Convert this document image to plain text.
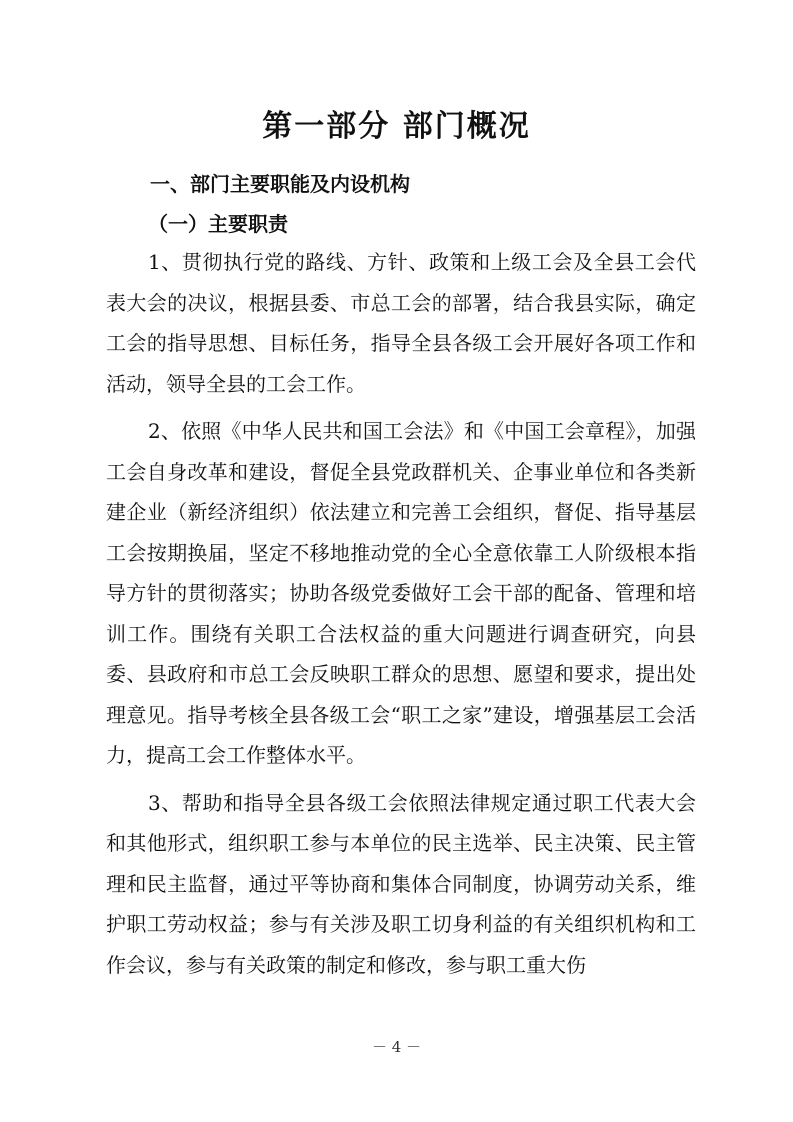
第一部分 部门概况
一、部门主要职能及内设机构
（一）主要职责

1、贯彻执行党的路线、方针、政策和上级工会及全县工会代表大会的决议，根据县委、市总工会的部署，结合我县实际，确定工会的指导思想、目标任务，指导全县各级工会开展好各项工作和活动，领导全县的工会工作。

2、依照《中华人民共和国工会法》和《中国工会章程》，加强工会自身改革和建设，督促全县党政群机关、企事业单位和各类新建企业（新经济组织）依法建立和完善工会组织，督促、指导基层工会按期换届，坚定不移地推动党的全心全意依靠工人阶级根本指导方针的贯彻落实；协助各级党委做好工会干部的配备、管理和培训工作。围绕有关职工合法权益的重大问题进行调查研究，向县委、县政府和市总工会反映职工群众的思想、愿望和要求，提出处理意见。指导考核全县各级工会“职工之家”建设，增强基层工会活力，提高工会工作整体水平。

3、帮助和指导全县各级工会依照法律规定通过职工代表大会和其他形式，组织职工参与本单位的民主选举、民主决策、民主管理和民主监督，通过平等协商和集体合同制度，协调劳动关系，维护职工劳动权益；参与有关涉及职工切身利益的有关组织机构和工作会议，参与有关政策的制定和修改，参与职工重大伤

－ 4 －
